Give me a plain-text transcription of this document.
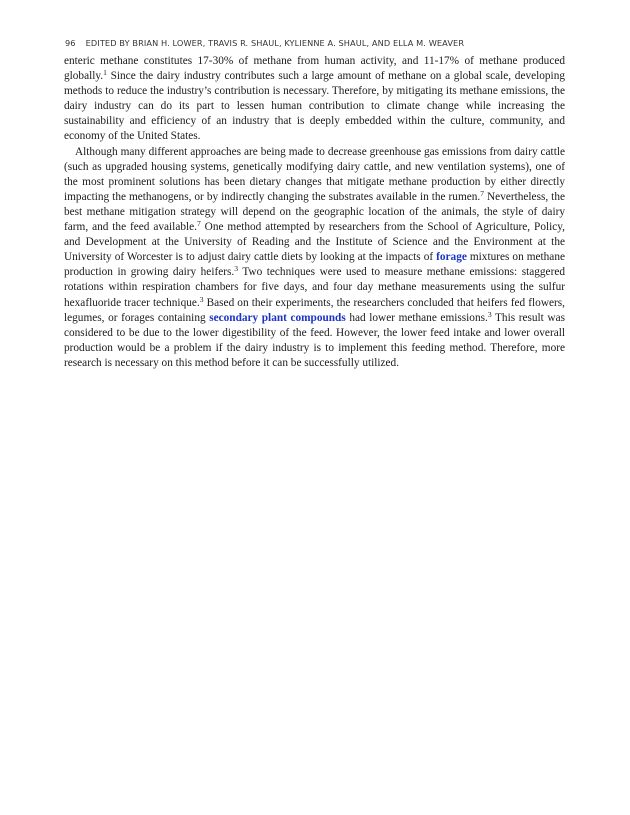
96 EDITED BY BRIAN H. LOWER, TRAVIS R. SHAUL, KYLIENNE A. SHAUL, AND ELLA M. WEAVER

enteric methane constitutes 17-30% of methane from human activity, and 11-17% of methane produced globally.$^1$ Since the dairy industry contributes such a large amount of methane on a global scale, developing methods to reduce the industry’s contribution is necessary. Therefore, by mitigating its methane emissions, the dairy industry can do its part to lessen human contribution to climate change while increasing the sustainability and efficiency of an industry that is deeply embedded within the culture, community, and economy of the United States.

Although many different approaches are being made to decrease greenhouse gas emissions from dairy cattle (such as upgraded housing systems, genetically modifying dairy cattle, and new ventilation systems), one of the most prominent solutions has been dietary changes that mitigate methane production by either directly impacting the methanogens, or by indirectly changing the substrates available in the rumen.$^7$ Nevertheless, the best methane mitigation strategy will depend on the geographic location of the animals, the style of dairy farm, and the feed available.$^7$ One method attempted by researchers from the School of Agriculture, Policy, and Development at the University of Reading and the Institute of Science and the Environment at the University of Worcester is to adjust dairy cattle diets by looking at the impacts of forage mixtures on methane production in growing dairy heifers.$^3$ Two techniques were used to measure methane emissions: staggered rotations within respiration chambers for five days, and four day methane measurements using the sulfur hexafluoride tracer technique.$^3$ Based on their experiments, the researchers concluded that heifers fed flowers, legumes, or forages containing secondary plant compounds had lower methane emissions.$^3$ This result was considered to be due to the lower digestibility of the feed. However, the lower feed intake and lower overall production would be a problem if the dairy industry is to implement this feeding method. Therefore, more research is necessary on this method before it can be successfully utilized.
